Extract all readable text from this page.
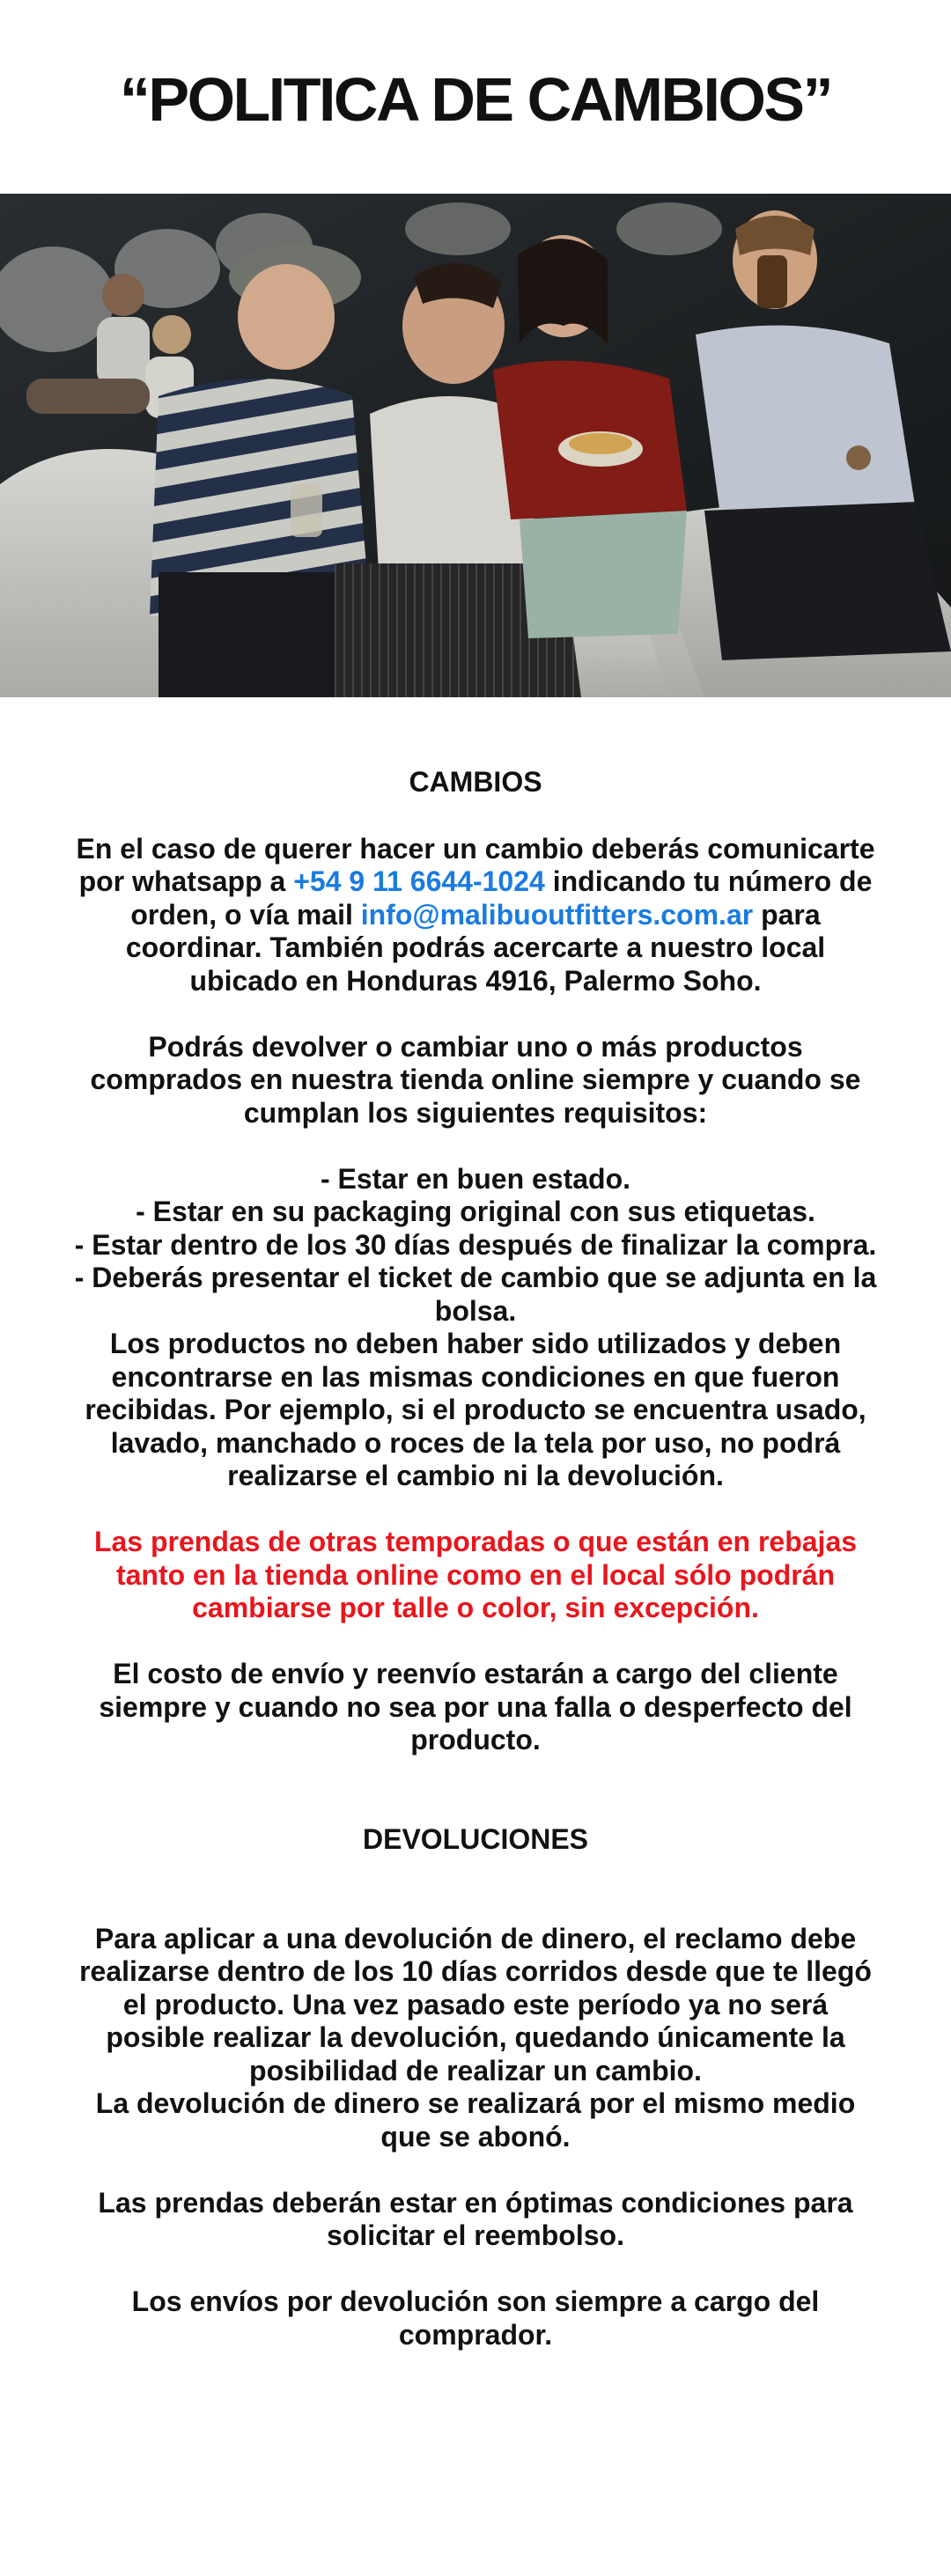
“POLITICA DE CAMBIOS”
CAMBIOS

En el caso de querer hacer un cambio deberás comunicarte por whatsapp a +54 9 11 6644-1024 indicando tu número de orden, o vía mail info@malibuoutfitters.com.ar para coordinar. También podrás acercarte a nuestro local ubicado en Honduras 4916, Palermo Soho.

Podrás devolver o cambiar uno o más productos comprados en nuestra tienda online siempre y cuando se cumplan los siguientes requisitos:

- Estar en buen estado.

- Estar en su packaging original con sus etiquetas.

- Estar dentro de los 30 días después de finalizar la compra.

- Deberás presentar el ticket de cambio que se adjunta en la bolsa.

Los productos no deben haber sido utilizados y deben encontrarse en las mismas condiciones en que fueron recibidas. Por ejemplo, si el producto se encuentra usado, lavado, manchado o roces de la tela por uso, no podrá realizarse el cambio ni la devolución.

Las prendas de otras temporadas o que están en rebajas tanto en la tienda online como en el local sólo podrán cambiarse por talle o color, sin excepción.

El costo de envío y reenvío estarán a cargo del cliente siempre y cuando no sea por una falla o desperfecto del producto.

DEVOLUCIONES

Para aplicar a una devolución de dinero, el reclamo debe realizarse dentro de los 10 días corridos desde que te llegó el producto. Una vez pasado este período ya no será posible realizar la devolución, quedando únicamente la posibilidad de realizar un cambio.

La devolución de dinero se realizará por el mismo medio que se abonó.

Las prendas deberán estar en óptimas condiciones para solicitar el reembolso.

Los envíos por devolución son siempre a cargo del comprador.
